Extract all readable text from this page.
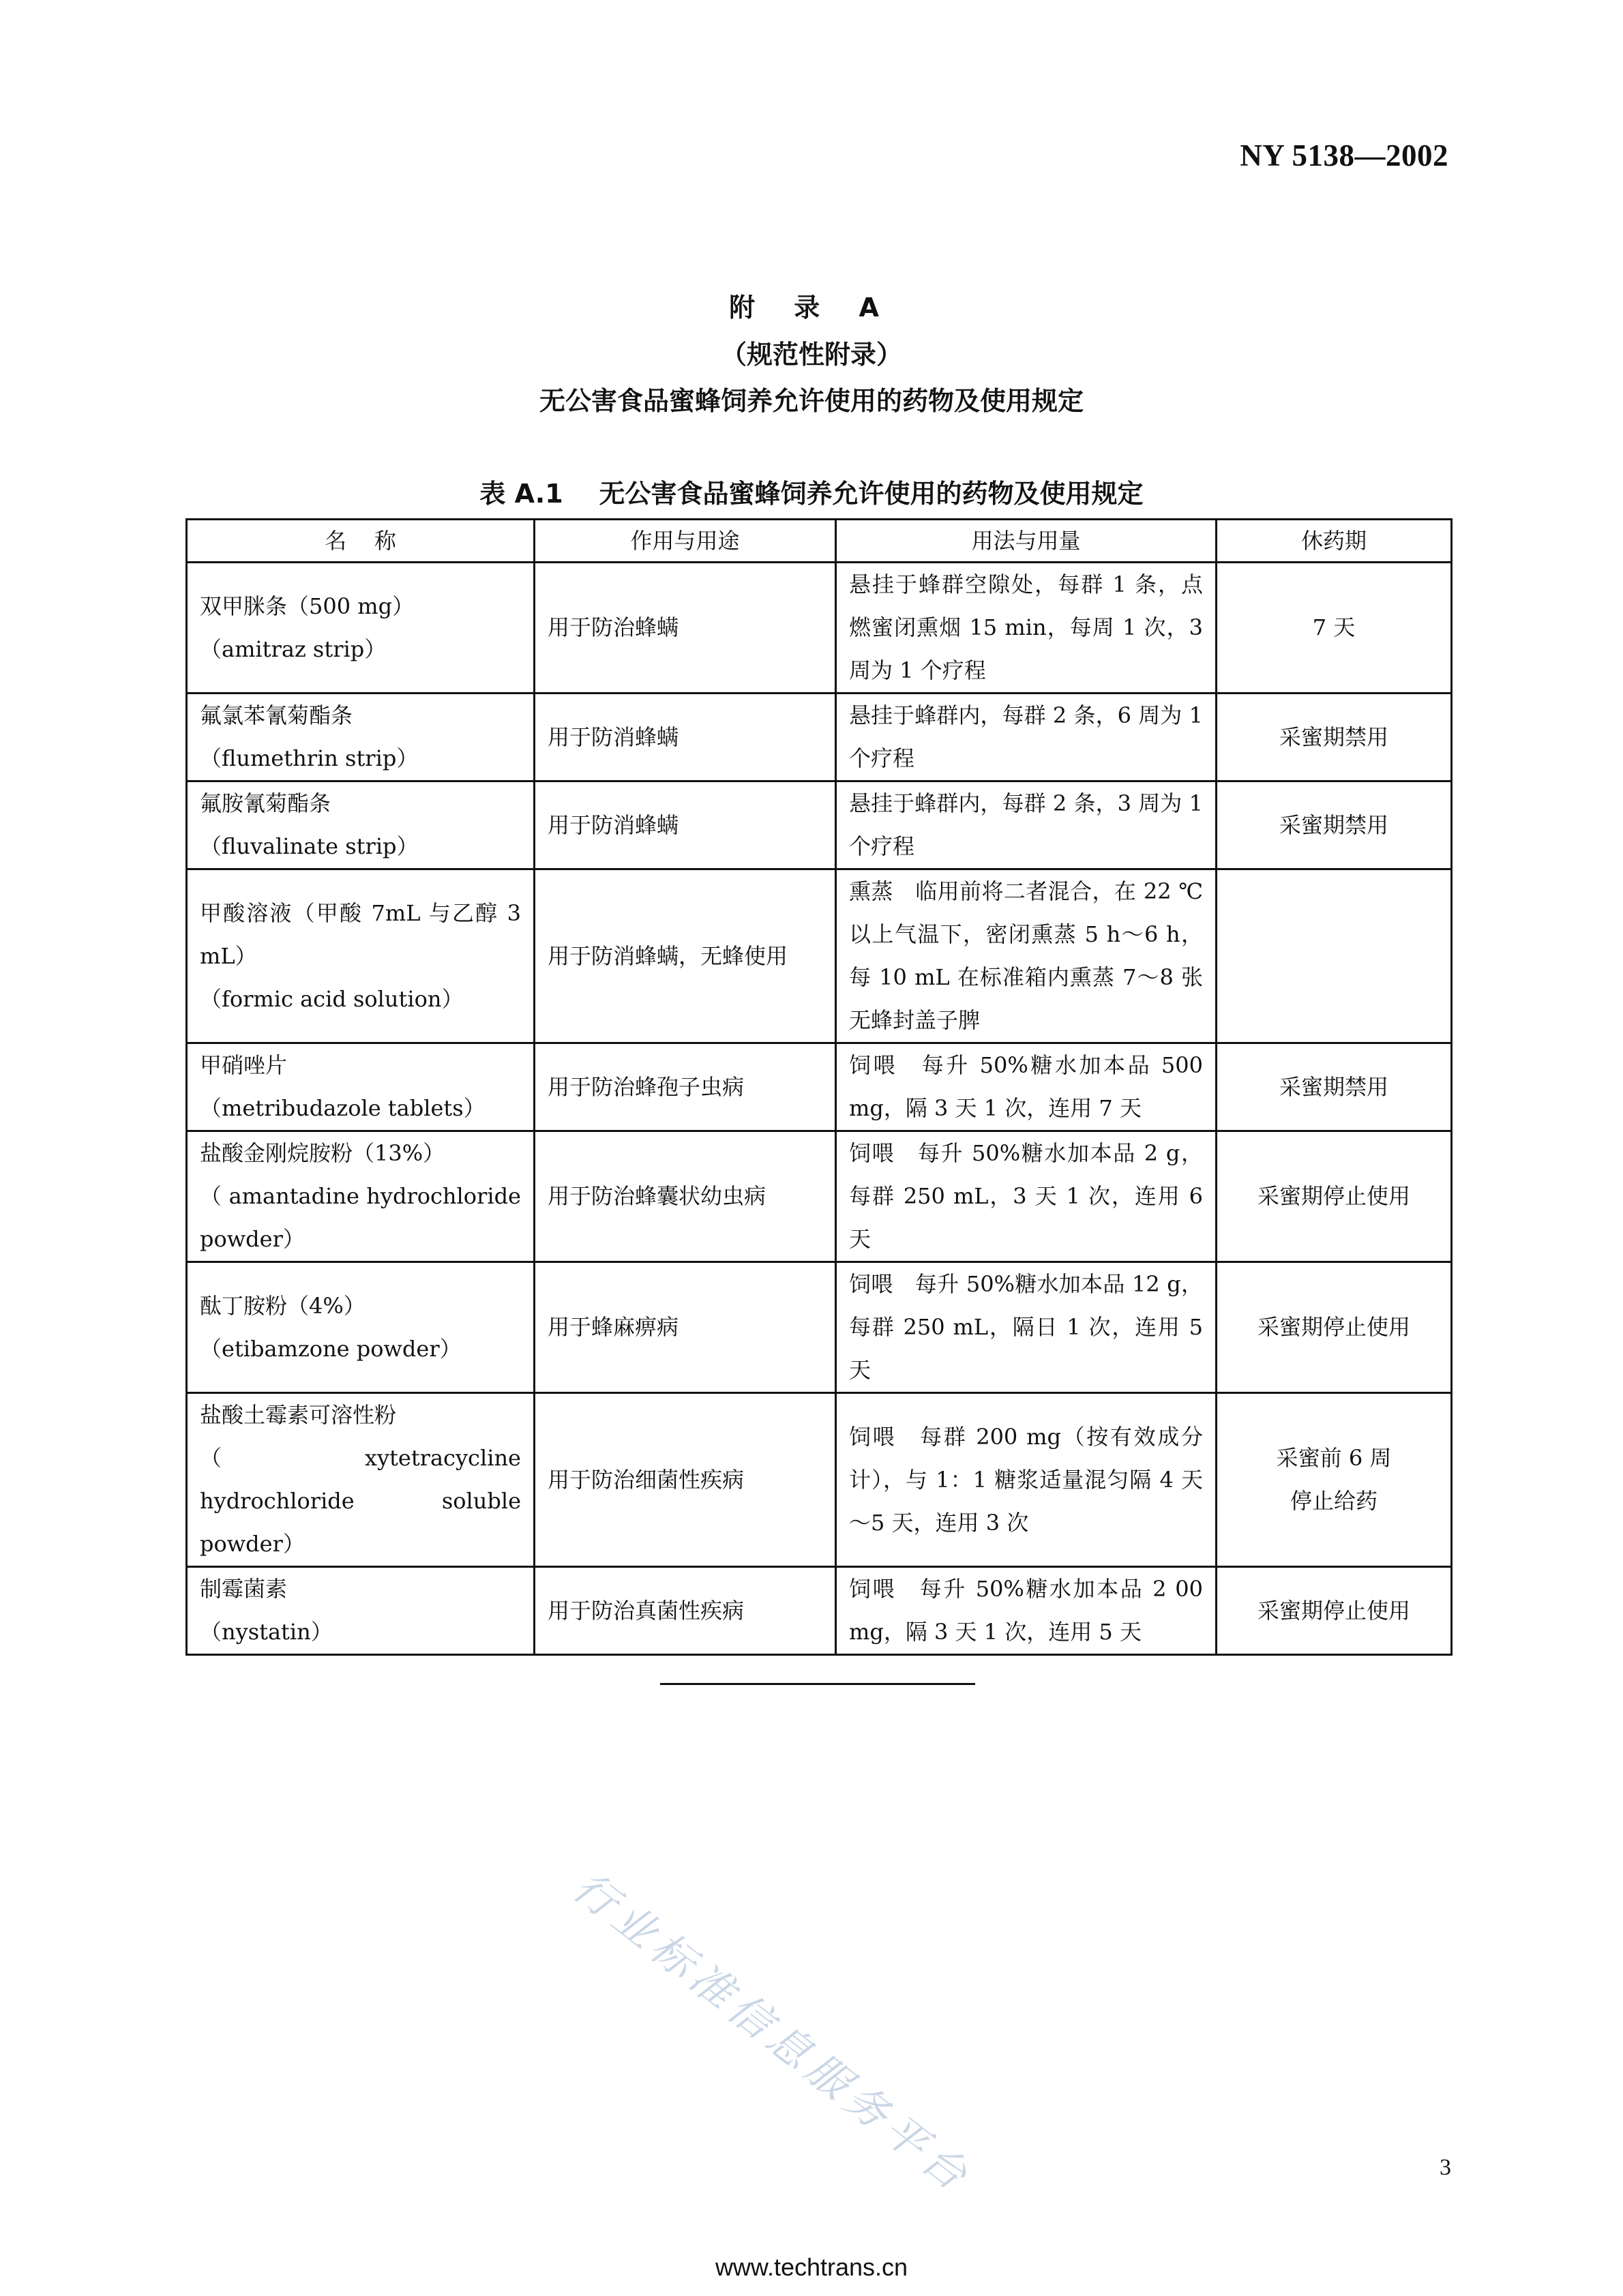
NY 5138—2002
附 录 A
（规范性附录）
无公害食品蜜蜂饲养允许使用的药物及使用规定
表 A.1    无公害食品蜜蜂饲养允许使用的药物及使用规定
名    称	作用与用途	用法与用量	休药期

双甲脒条（500 mg）
（amitraz strip）	用于防治蜂螨	悬挂于蜂群空隙处，每群 1 条，点燃蜜闭熏烟 15 min，每周 1 次，3 周为 1 个疗程	7 天

氟氯苯氰菊酯条
（flumethrin strip）	用于防消蜂螨	悬挂于蜂群内，每群 2 条，6 周为 1 个疗程	采蜜期禁用

氟胺氰菊酯条
（fluvalinate strip）	用于防消蜂螨	悬挂于蜂群内，每群 2 条，3 周为 1 个疗程	采蜜期禁用

甲酸溶液（甲酸 7mL 与乙醇 3 mL）
（formic acid solution）	用于防消蜂螨，无蜂使用	熏蒸　临用前将二者混合，在 22 ℃以上气温下，密闭熏蒸 5 h～6 h，每 10 mL 在标准箱内熏蒸 7～8 张无蜂封盖子脾	

甲硝唑片
（metribudazole tablets）	用于防治蜂孢子虫病	饲喂　每升 50%糖水加本品 500 mg，隔 3 天 1 次，连用 7 天	采蜜期禁用

盐酸金刚烷胺粉（13%）
（ amantadine hydrochloride powder）	用于防治蜂囊状幼虫病	饲喂　每升 50%糖水加本品 2 g，每群 250 mL，3 天 1 次，连用 6 天	采蜜期停止使用

酞丁胺粉（4%）
（etibamzone powder）	用于蜂麻痹病	饲喂　每升 50%糖水加本品 12 g，每群 250 mL，隔日 1 次，连用 5 天	采蜜期停止使用

盐酸土霉素可溶性粉
（xytetracycline hydrochloride soluble powder）	用于防治细菌性疾病	饲喂　每群 200 mg（按有效成分计），与 1：1 糖浆适量混匀隔 4 天～5 天，连用 3 次	采蜜前 6 周
停止给药

制霉菌素
（nystatin）	用于防治真菌性疾病	饲喂　每升 50%糖水加本品 2 00 mg，隔 3 天 1 次，连用 5 天	采蜜期停止使用
行业标准信息服务平台	3
www.techtrans.cn
